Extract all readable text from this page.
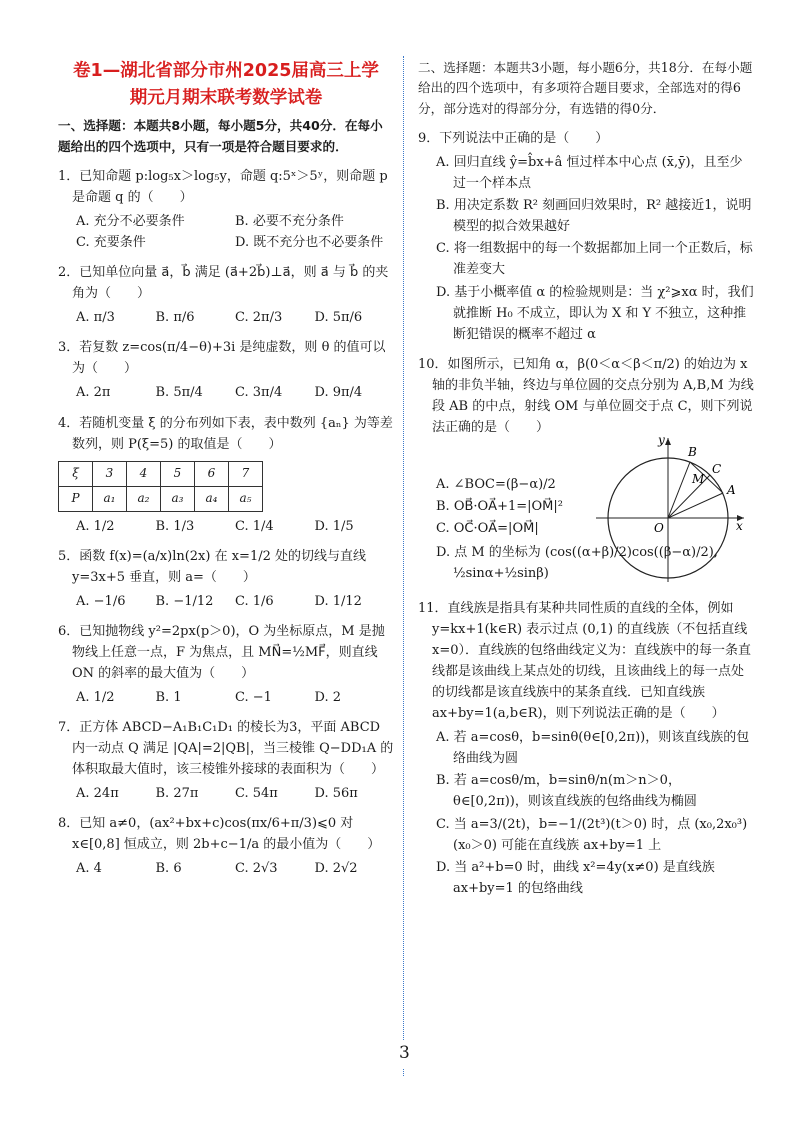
卷1—湖北省部分市州2025届高三上学
期元月期末联考数学试卷
一、选择题：本题共8小题，每小题5分，共40分．在每小题给出的四个选项中，只有一项是符合题目要求的．

1．已知命题 p:log₅x＞log₅y，命题 q:5ˣ＞5ʸ，则命题 p 是命题 q 的（　　）

A. 充分不必要条件	B. 必要不充分条件
C. 充要条件	D. 既不充分也不必要条件

2．已知单位向量 a⃗，b⃗ 满足 (a⃗+2b⃗)⊥a⃗，则 a⃗ 与 b⃗ 的夹角为（　　）

A. π/3	B. π/6	C. 2π/3	D. 5π/6

3．若复数 z=cos(π/4−θ)+3i 是纯虚数，则 θ 的值可以为（　　）

A. 2π	B. 5π/4	C. 3π/4	D. 9π/4

4．若随机变量 ξ 的分布列如下表，表中数列 {aₙ} 为等差数列，则 P(ξ=5) 的取值是（　　）

ξ	3	4	5	6	7
P	a₁	a₂	a₃	a₄	a₅
A. 1/2	B. 1/3	C. 1/4	D. 1/5

5．函数 f(x)=(a/x)ln(2x) 在 x=1/2 处的切线与直线 y=3x+5 垂直，则 a=（　　）

A. −1/6	B. −1/12	C. 1/6	D. 1/12

6．已知抛物线 y²=2px(p＞0)，O 为坐标原点，M 是抛物线上任意一点，F 为焦点，且 MN⃗=½MF⃗，则直线 ON 的斜率的最大值为（　　）

A. 1/2	B. 1	C. −1	D. 2

7．正方体 ABCD−A₁B₁C₁D₁ 的棱长为3，平面 ABCD 内一动点 Q 满足 |QA|=2|QB|，当三棱锥 Q−DD₁A 的体积取最大值时，该三棱锥外接球的表面积为（　　）

A. 24π	B. 27π	C. 54π	D. 56π

8．已知 a≠0，(ax²+bx+c)cos(πx/6+π/3)⩽0 对 x∈[0,8] 恒成立，则 2b+c−1/a 的最小值为（　　）

A. 4	B. 6	C. 2√3	D. 2√2
二、选择题：本题共3小题，每小题6分，共18分．在每小题给出的四个选项中，有多项符合题目要求，全部选对的得6分，部分选对的得部分分，有选错的得0分．

9．下列说法中正确的是（　　）

A. 回归直线 ŷ=b̂x+â 恒过样本中心点 (x̄,ȳ)，且至少过一个样本点
B. 用决定系数 R² 刻画回归效果时，R² 越接近1，说明模型的拟合效果越好
C. 将一组数据中的每一个数据都加上同一个正数后，标准差变大
D. 基于小概率值 α 的检验规则是：当 χ²⩾xα 时，我们就推断 H₀ 不成立，即认为 X 和 Y 不独立，这种推断犯错误的概率不超过 α

10．如图所示，已知角 α，β(0＜α＜β＜π/2) 的始边为 x 轴的非负半轴，终边与单位圆的交点分别为 A,B,M 为线段 AB 的中点，射线 OM 与单位圆交于点 C，则下列说法正确的是（　　）

A. ∠BOC=(β−α)/2
B. OB⃗·OA⃗+1=|OM⃗|²
C. OC⃗·OA⃗=|OM⃗|
D. 点 M 的坐标为 (cos((α+β)/2)cos((β−α)/2), ½sinα+½sinβ)

11．直线族是指具有某种共同性质的直线的全体，例如 y=kx+1(k∈R) 表示过点 (0,1) 的直线族（不包括直线 x=0）．直线族的包络曲线定义为：直线族中的每一条直线都是该曲线上某点处的切线，且该曲线上的每一点处的切线都是该直线族中的某条直线．已知直线族 ax+by=1(a,b∈R)，则下列说法正确的是（　　）

A. 若 a=cosθ，b=sinθ(θ∈[0,2π))，则该直线族的包络曲线为圆
B. 若 a=cosθ/m，b=sinθ/n(m＞n＞0，θ∈[0,2π))，则该直线族的包络曲线为椭圆
C. 当 a=3/(2t)，b=−1/(2t³)(t＞0) 时，点 (x₀,2x₀³)(x₀＞0) 可能在直线族 ax+by=1 上
D. 当 a²+b=0 时，曲线 x²=4y(x≠0) 是直线族 ax+by=1 的包络曲线
B
A
C
M
O	x
y
3
